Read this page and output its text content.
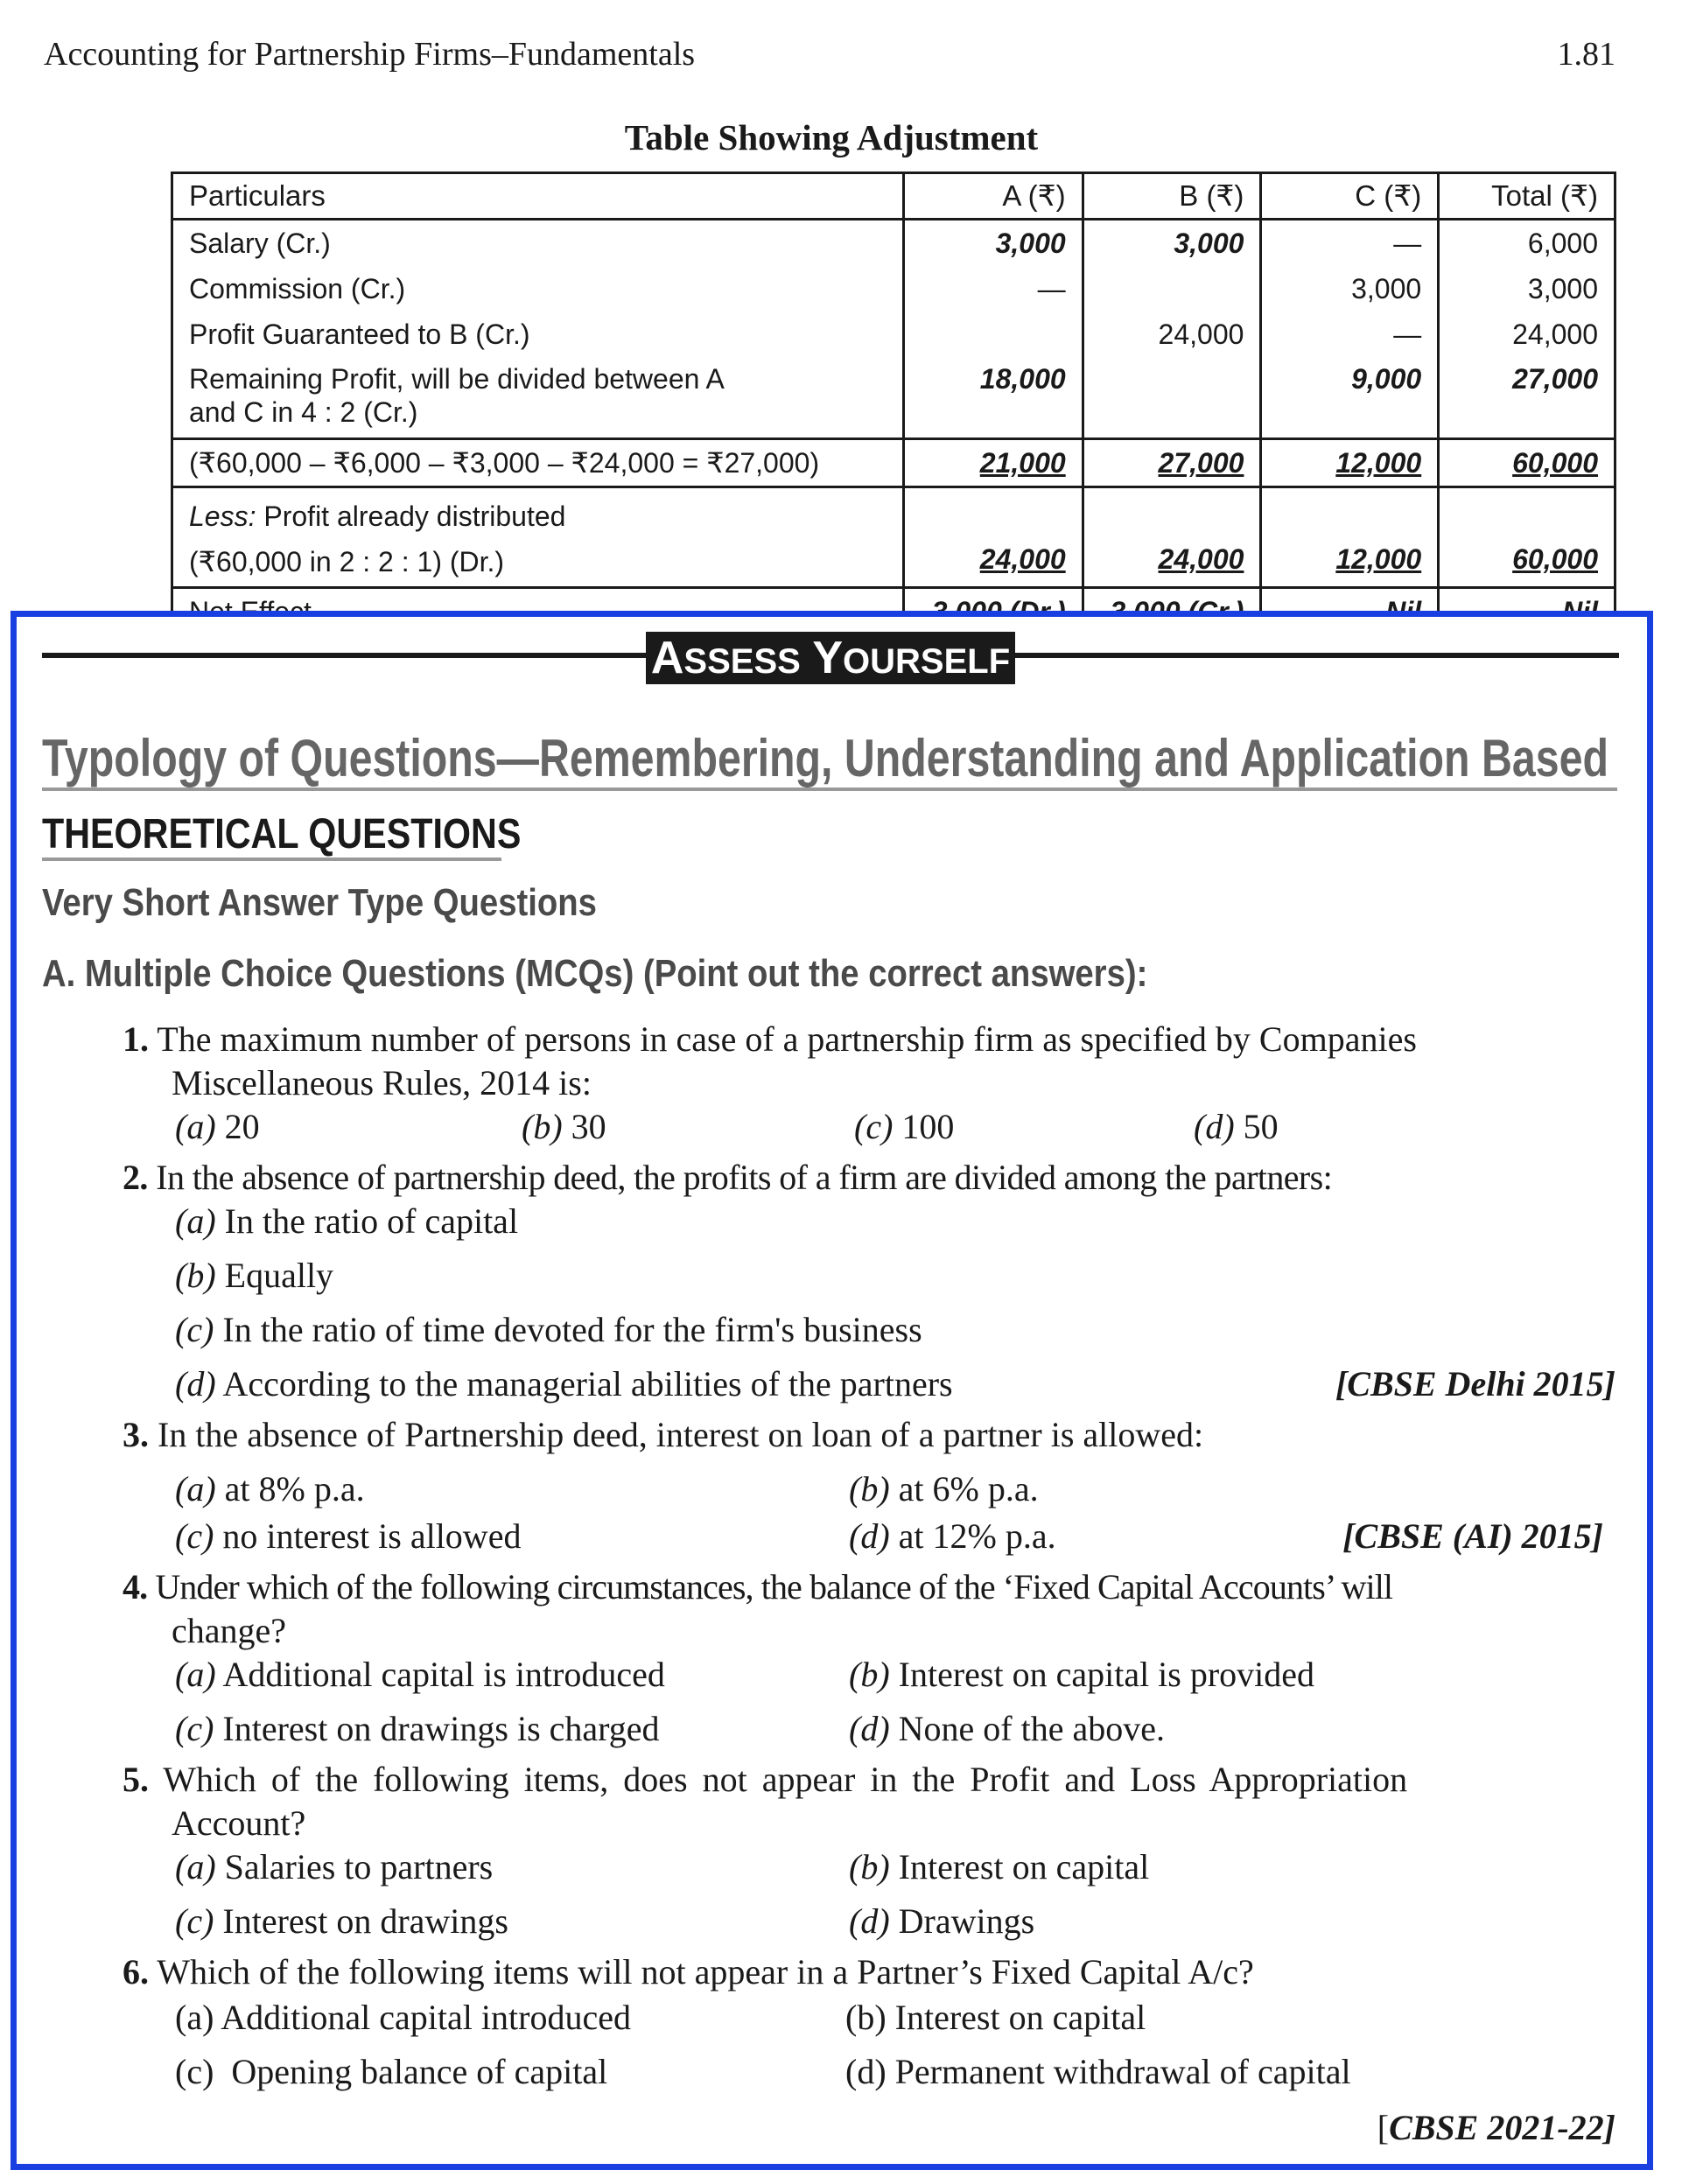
Accounting for Partnership Firms–Fundamentals	1.81
Table Showing Adjustment
Particulars	A (₹)	B (₹)	C (₹)	Total (₹)
Salary (Cr.)	3,000	3,000	—	6,000
Commission (Cr.)	—		3,000	3,000
Profit Guaranteed to B (Cr.)		24,000	—	24,000

Remaining Profit, will be divided between A
and C in 4 : 2 (Cr.)	18,000		9,000	27,000
(₹60,000 – ₹6,000 – ₹3,000 – ₹24,000 = ₹27,000)	21,000	27,000	12,000	60,000

Less: Profit already distributed
(₹60,000 in 2 : 2 : 1) (Dr.)	24,000	24,000	12,000	60,000

ASSESS YOURSELF
Typology of Questions—Remembering, Understanding and Application Based
THEORETICAL QUESTIONS
Very Short Answer Type Questions
A. Multiple Choice Questions (MCQs) (Point out the correct answers):
1. The maximum number of persons in case of a partnership firm as specified by Companies
Miscellaneous Rules, 2014 is:
(a) 20	(b) 30	(c) 100	(d) 50
2. In the absence of partnership deed, the profits of a firm are divided among the partners:
(a) In the ratio of capital
(b) Equally
(c) In the ratio of time devoted for the firm's business
(d) According to the managerial abilities of the partners	[CBSE Delhi 2015]
3. In the absence of Partnership deed, interest on loan of a partner is allowed:
(a) at 8% p.a.	(b) at 6% p.a.
(c) no interest is allowed	(d) at 12% p.a.	[CBSE (AI) 2015]
4. Under which of the following circumstances, the balance of the ‘Fixed Capital Accounts’ will
change?
(a) Additional capital is introduced	(b) Interest on capital is provided
(c) Interest on drawings is charged	(d) None of the above.
5. Which of the following items, does not appear in the Profit and Loss Appropriation
Account?
(a) Salaries to partners	(b) Interest on capital
(c) Interest on drawings	(d) Drawings
6. Which of the following items will not appear in a Partner’s Fixed Capital A/c?
(a) Additional capital introduced	(b) Interest on capital
(c) Opening balance of capital	(d) Permanent withdrawal of capital
[CBSE 2021-22]
